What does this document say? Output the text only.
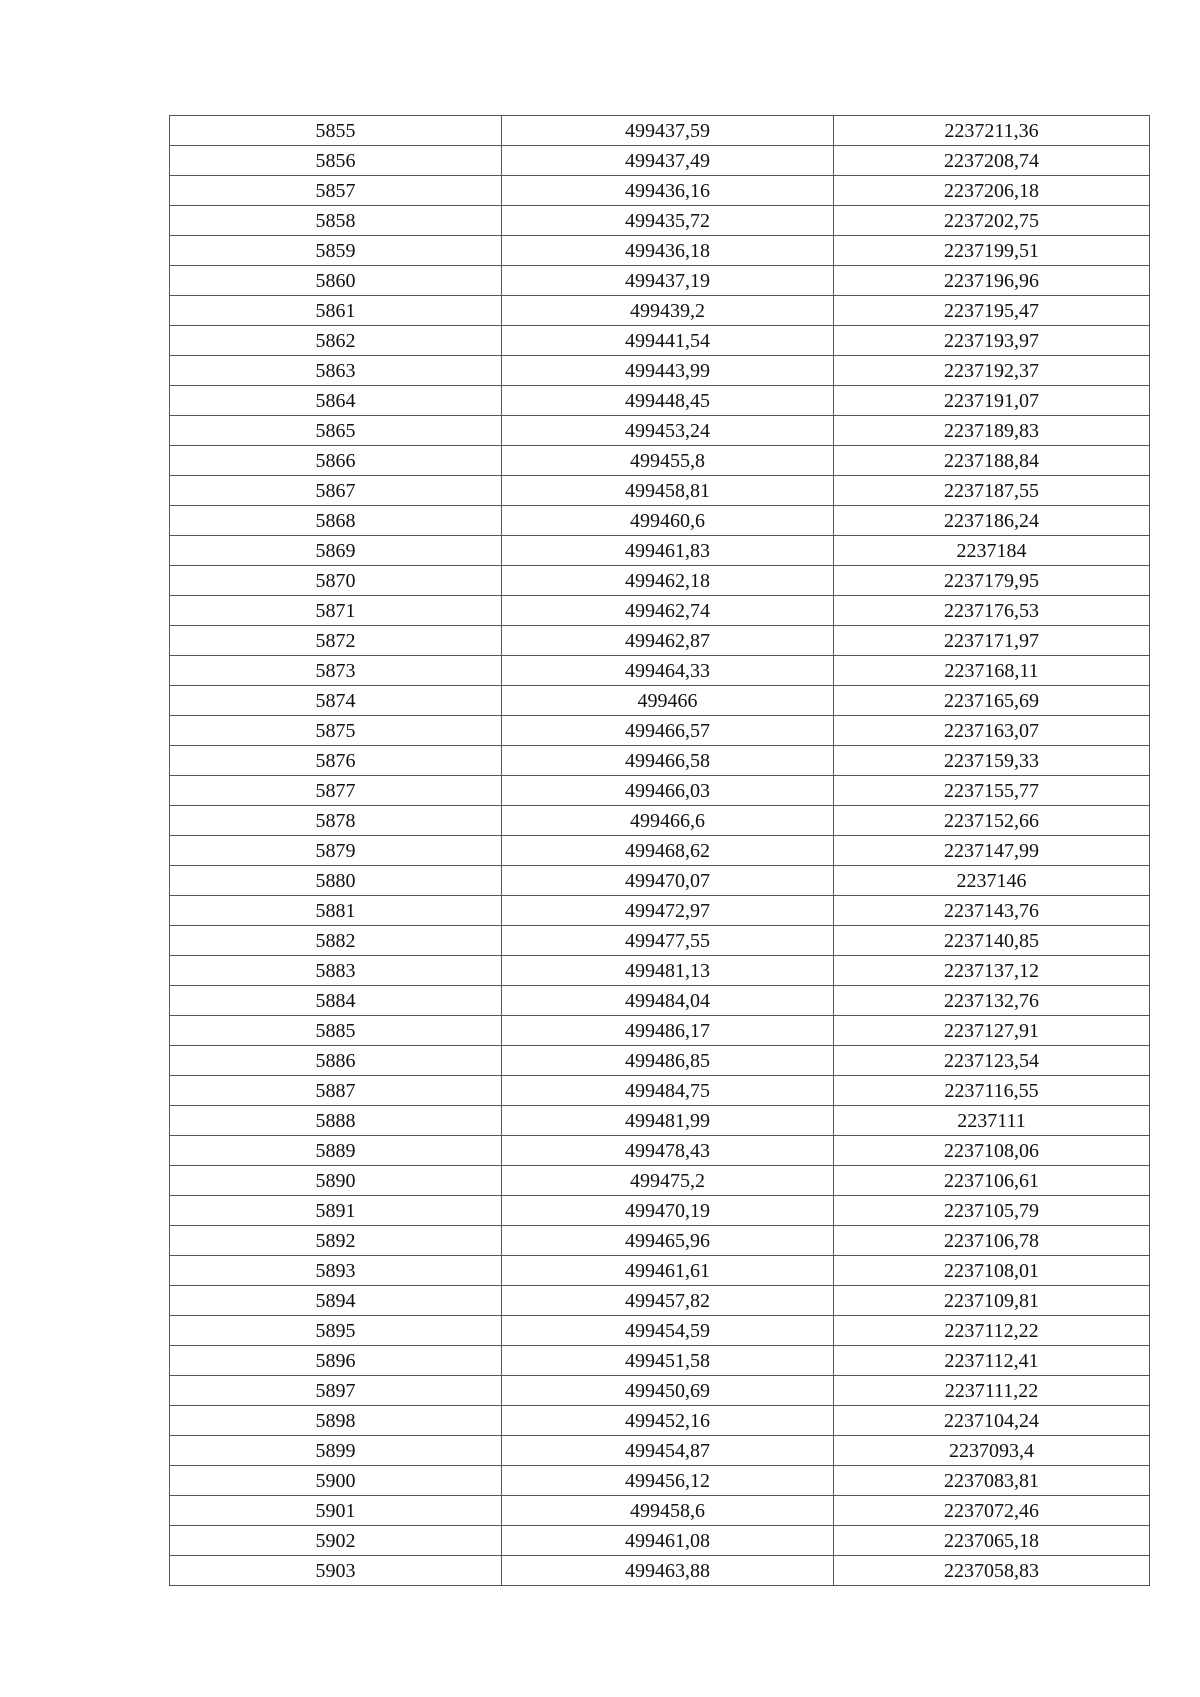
5855	499437,59	2237211,36
5856	499437,49	2237208,74
5857	499436,16	2237206,18
5858	499435,72	2237202,75
5859	499436,18	2237199,51
5860	499437,19	2237196,96
5861	499439,2	2237195,47
5862	499441,54	2237193,97
5863	499443,99	2237192,37
5864	499448,45	2237191,07
5865	499453,24	2237189,83
5866	499455,8	2237188,84
5867	499458,81	2237187,55
5868	499460,6	2237186,24
5869	499461,83	2237184
5870	499462,18	2237179,95
5871	499462,74	2237176,53
5872	499462,87	2237171,97
5873	499464,33	2237168,11
5874	499466	2237165,69
5875	499466,57	2237163,07
5876	499466,58	2237159,33
5877	499466,03	2237155,77
5878	499466,6	2237152,66
5879	499468,62	2237147,99
5880	499470,07	2237146
5881	499472,97	2237143,76
5882	499477,55	2237140,85
5883	499481,13	2237137,12
5884	499484,04	2237132,76
5885	499486,17	2237127,91
5886	499486,85	2237123,54
5887	499484,75	2237116,55
5888	499481,99	2237111
5889	499478,43	2237108,06
5890	499475,2	2237106,61
5891	499470,19	2237105,79
5892	499465,96	2237106,78
5893	499461,61	2237108,01
5894	499457,82	2237109,81
5895	499454,59	2237112,22
5896	499451,58	2237112,41
5897	499450,69	2237111,22
5898	499452,16	2237104,24
5899	499454,87	2237093,4
5900	499456,12	2237083,81
5901	499458,6	2237072,46
5902	499461,08	2237065,18
5903	499463,88	2237058,83
